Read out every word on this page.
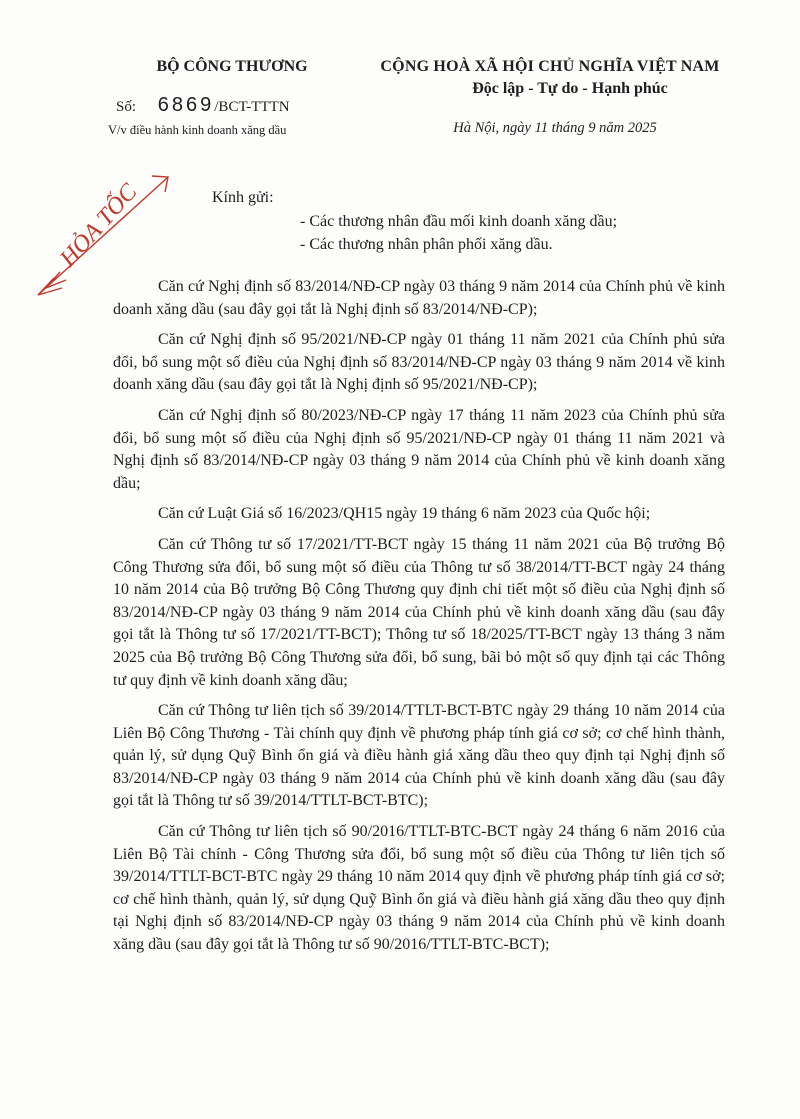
BỘ CÔNG THƯƠNG
Số: 6869/BCT-TTTN
V/v điều hành kinh doanh xăng dầu
CỘNG HOÀ XÃ HỘI CHỦ NGHĨA VIỆT NAM
Độc lập - Tự do - Hạnh phúc
Hà Nội, ngày 11 tháng 9 năm 2025
HỎA TỐC	Kính gửi:
- Các thương nhân đầu mối kinh doanh xăng dầu;
- Các thương nhân phân phối xăng dầu.

Căn cứ Nghị định số 83/2014/NĐ-CP ngày 03 tháng 9 năm 2014 của Chính phủ về kinh doanh xăng dầu (sau đây gọi tắt là Nghị định số 83/2014/NĐ-CP);

Căn cứ Nghị định số 95/2021/NĐ-CP ngày 01 tháng 11 năm 2021 của Chính phủ sửa đổi, bổ sung một số điều của Nghị định số 83/2014/NĐ-CP ngày 03 tháng 9 năm 2014 về kinh doanh xăng dầu (sau đây gọi tắt là Nghị định số 95/2021/NĐ-CP);

Căn cứ Nghị định số 80/2023/NĐ-CP ngày 17 tháng 11 năm 2023 của Chính phủ sửa đổi, bổ sung một số điều của Nghị định số 95/2021/NĐ-CP ngày 01 tháng 11 năm 2021 và Nghị định số 83/2014/NĐ-CP ngày 03 tháng 9 năm 2014 của Chính phủ về kinh doanh xăng dầu;

Căn cứ Luật Giá số 16/2023/QH15 ngày 19 tháng 6 năm 2023 của Quốc hội;

Căn cứ Thông tư số 17/2021/TT-BCT ngày 15 tháng 11 năm 2021 của Bộ trưởng Bộ Công Thương sửa đổi, bổ sung một số điều của Thông tư số 38/2014/TT-BCT ngày 24 tháng 10 năm 2014 của Bộ trưởng Bộ Công Thương quy định chi tiết một số điều của Nghị định số 83/2014/NĐ-CP ngày 03 tháng 9 năm 2014 của Chính phủ về kinh doanh xăng dầu (sau đây gọi tắt là Thông tư số 17/2021/TT-BCT); Thông tư số 18/2025/TT-BCT ngày 13 tháng 3 năm 2025 của Bộ trưởng Bộ Công Thương sửa đổi, bổ sung, bãi bỏ một số quy định tại các Thông tư quy định về kinh doanh xăng dầu;

Căn cứ Thông tư liên tịch số 39/2014/TTLT-BCT-BTC ngày 29 tháng 10 năm 2014 của Liên Bộ Công Thương - Tài chính quy định về phương pháp tính giá cơ sở; cơ chế hình thành, quản lý, sử dụng Quỹ Bình ổn giá và điều hành giá xăng dầu theo quy định tại Nghị định số 83/2014/NĐ-CP ngày 03 tháng 9 năm 2014 của Chính phủ về kinh doanh xăng dầu (sau đây gọi tắt là Thông tư số 39/2014/TTLT-BCT-BTC);

Căn cứ Thông tư liên tịch số 90/2016/TTLT-BTC-BCT ngày 24 tháng 6 năm 2016 của Liên Bộ Tài chính - Công Thương sửa đổi, bổ sung một số điều của Thông tư liên tịch số 39/2014/TTLT-BCT-BTC ngày 29 tháng 10 năm 2014 quy định về phương pháp tính giá cơ sở; cơ chế hình thành, quản lý, sử dụng Quỹ Bình ổn giá và điều hành giá xăng dầu theo quy định tại Nghị định số 83/2014/NĐ-CP ngày 03 tháng 9 năm 2014 của Chính phủ về kinh doanh xăng dầu (sau đây gọi tắt là Thông tư số 90/2016/TTLT-BTC-BCT);
